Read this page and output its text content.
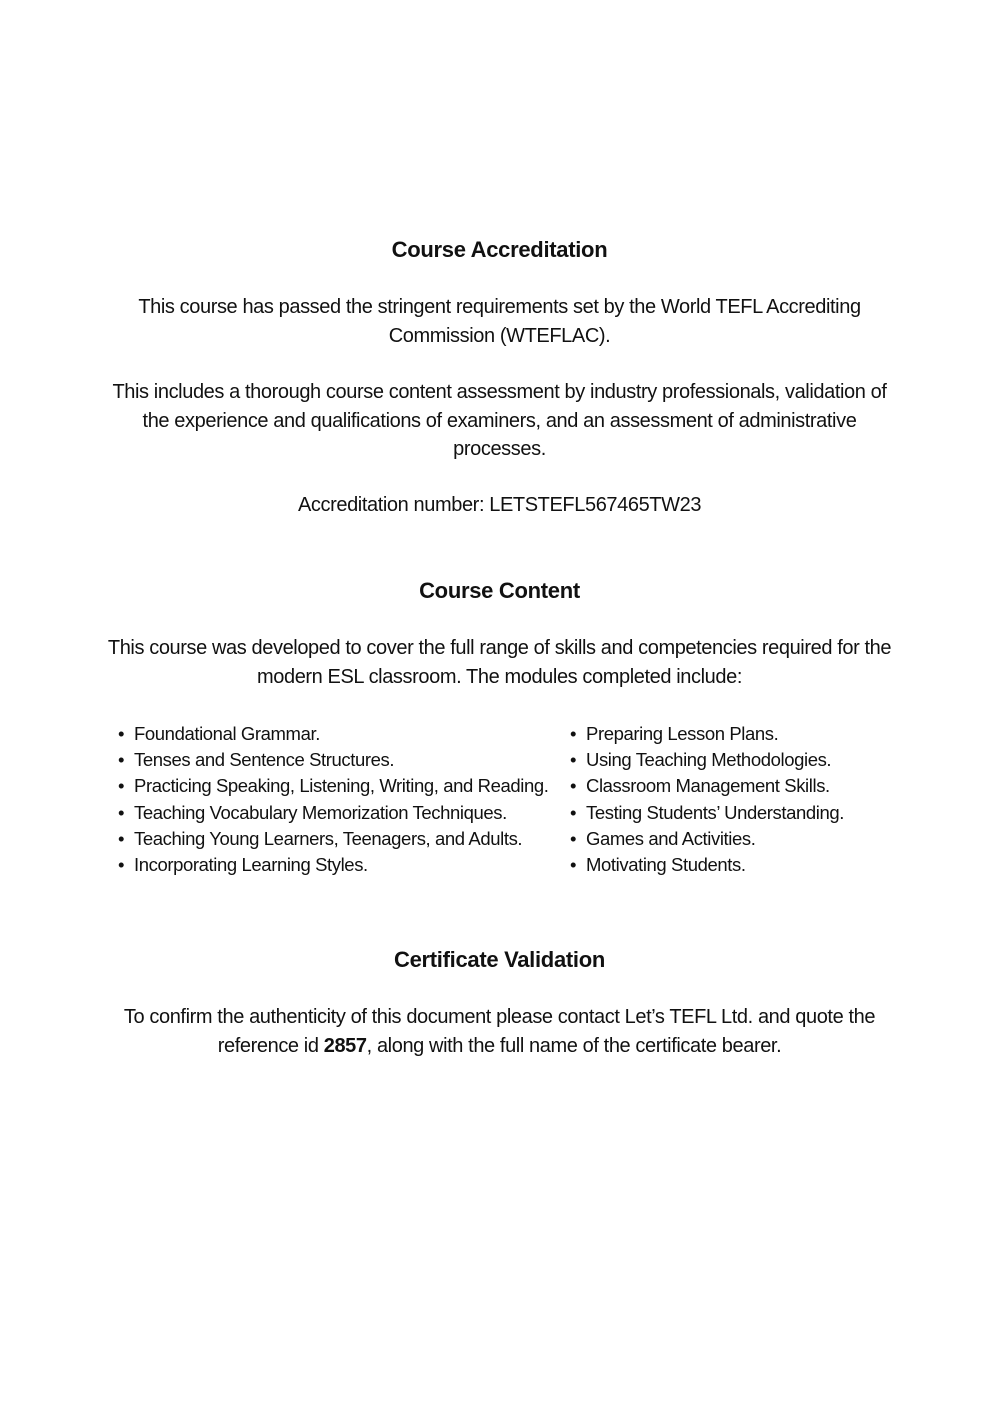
Course Accreditation

This course has passed the stringent requirements set by the World TEFL Accrediting Commission (WTEFLAC).

This includes a thorough course content assessment by industry professionals, validation of the experience and qualifications of examiners, and an assessment of administrative processes.

Accreditation number: LETSTEFL567465TW23

Course Content

This course was developed to cover the full range of skills and competencies required for the modern ESL classroom. The modules completed include:

• Foundational Grammar.
• Tenses and Sentence Structures.
• Practicing Speaking, Listening, Writing, and Reading.
• Teaching Vocabulary Memorization Techniques.
• Teaching Young Learners, Teenagers, and Adults.
• Incorporating Learning Styles.
• Preparing Lesson Plans.
• Using Teaching Methodologies.
• Classroom Management Skills.
• Testing Students’ Understanding.
• Games and Activities.
• Motivating Students.
Certificate Validation

To confirm the authenticity of this document please contact Let’s TEFL Ltd. and quote the reference id 2857, along with the full name of the certificate bearer.
